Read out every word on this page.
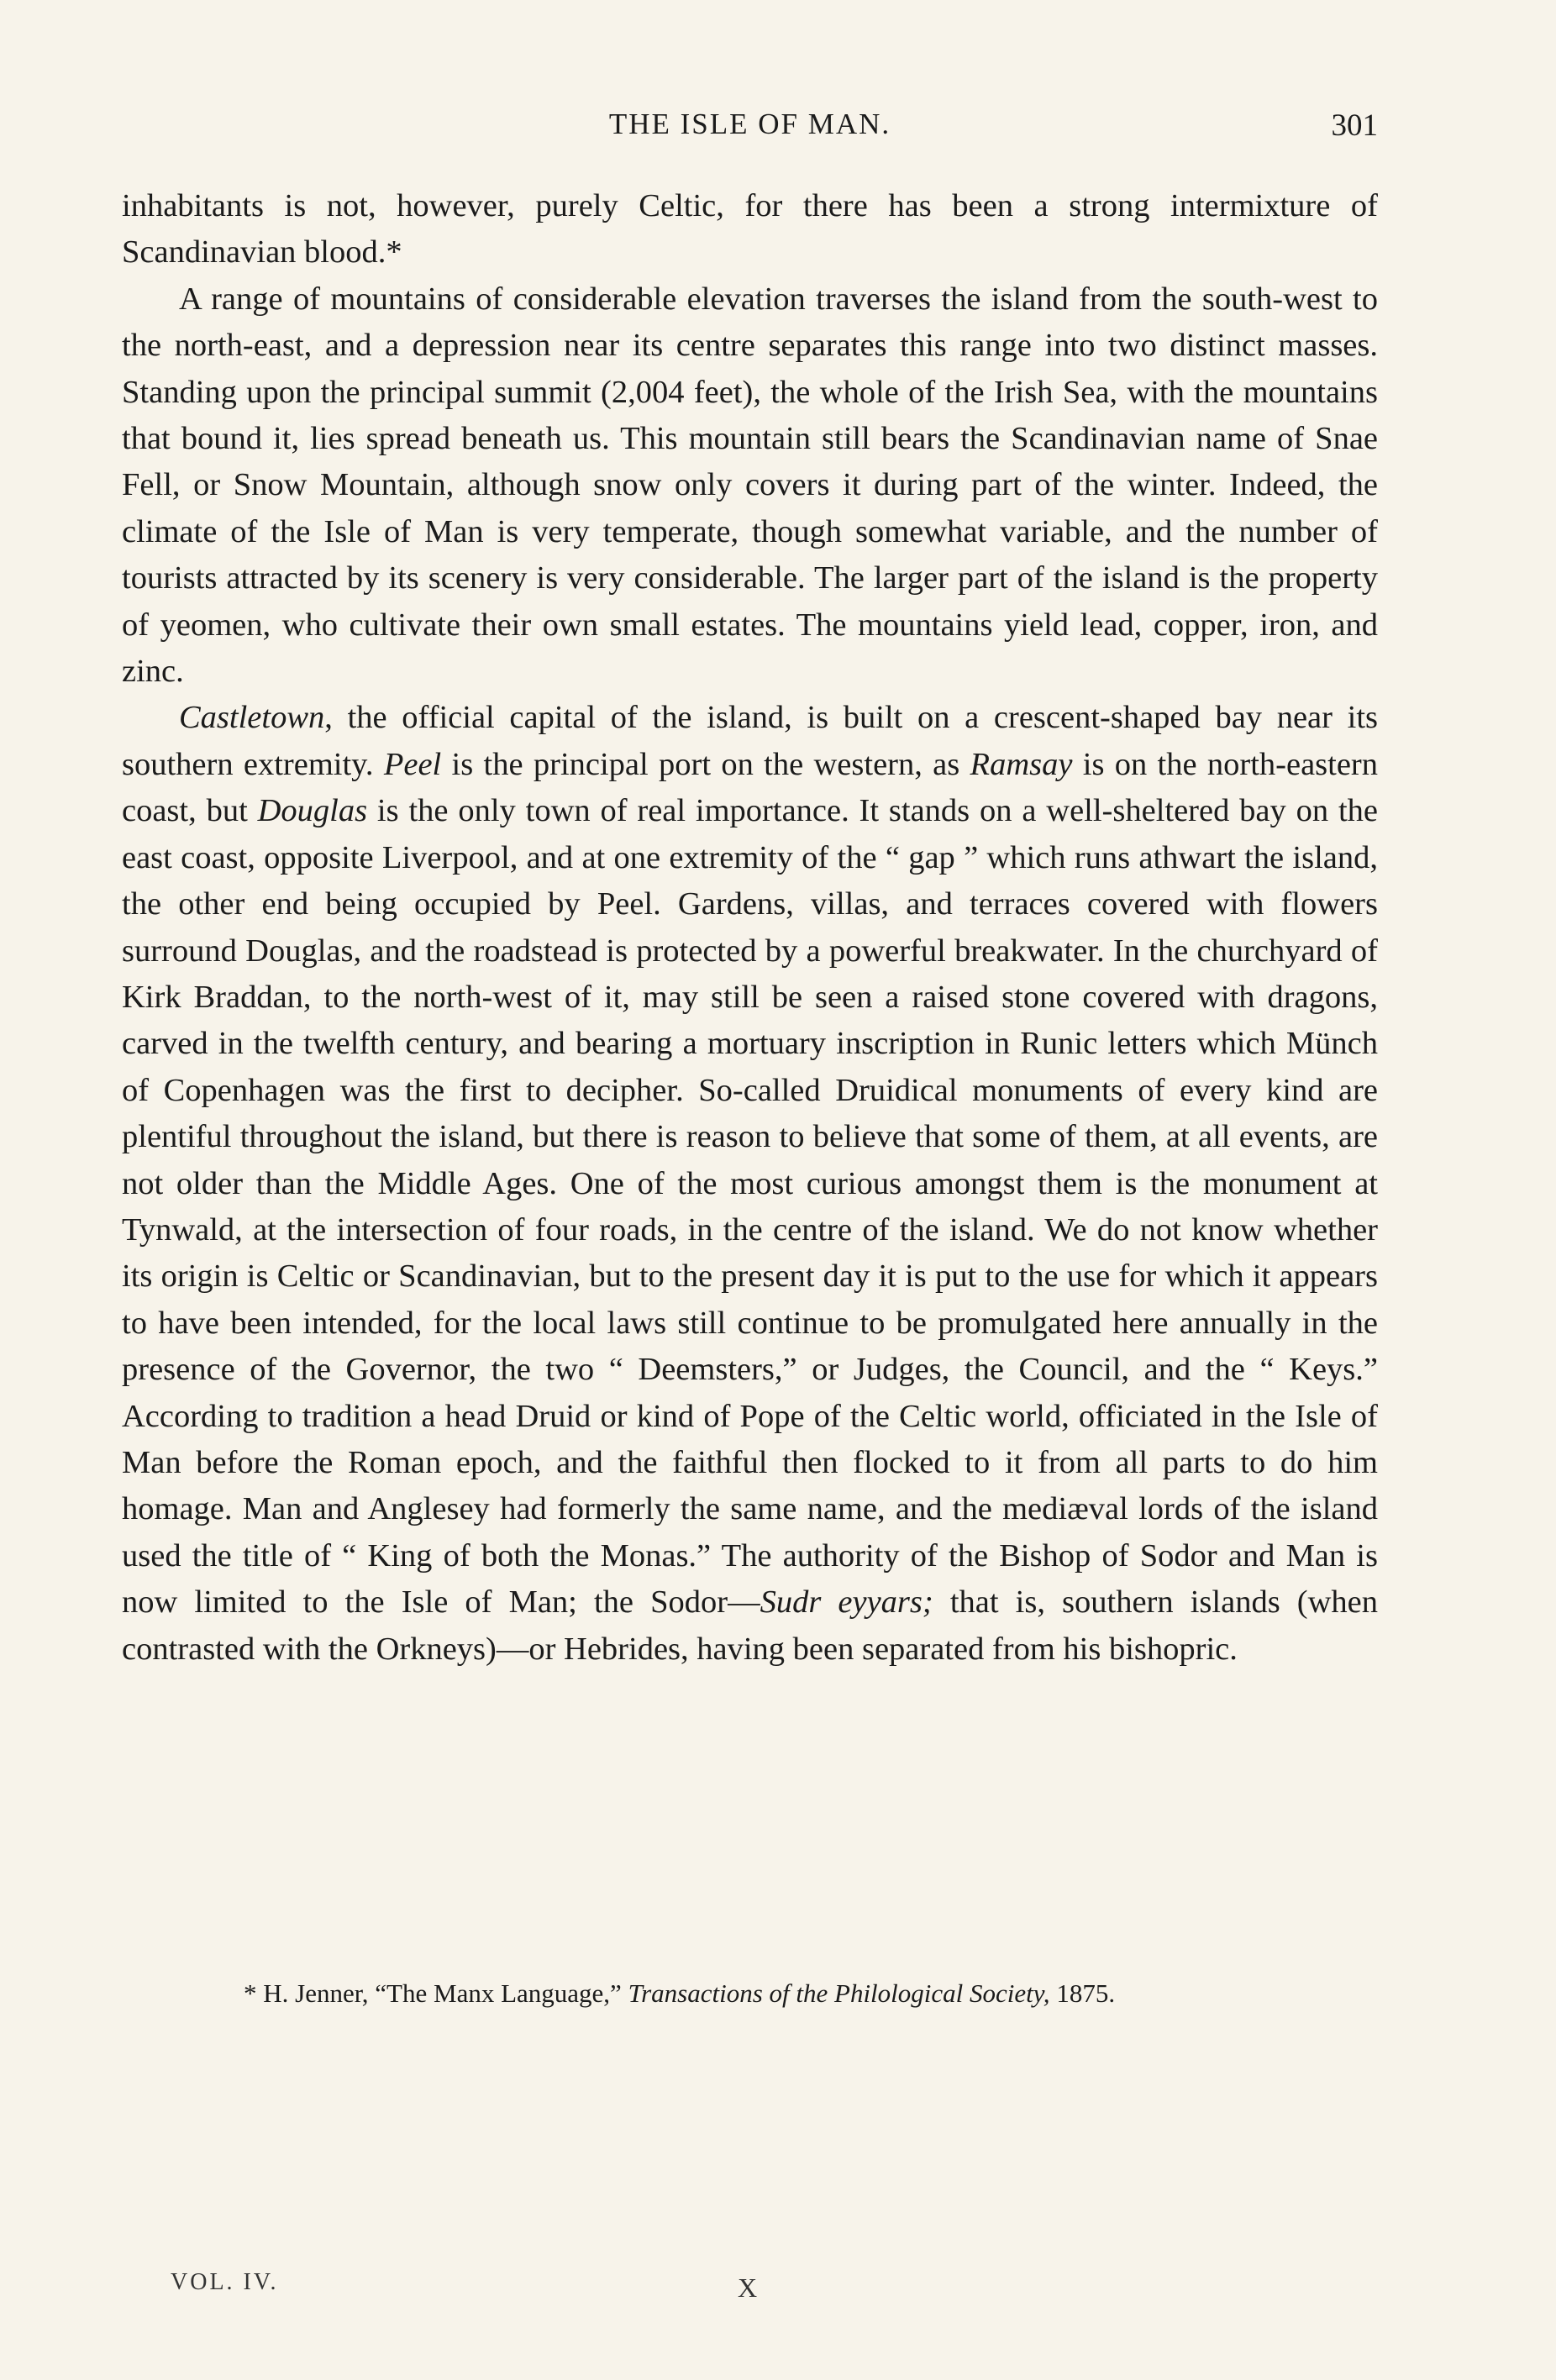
THE ISLE OF MAN.	301

inhabitants is not, however, purely Celtic, for there has been a strong intermixture of Scandinavian blood.*

A range of mountains of considerable elevation traverses the island from the south-west to the north-east, and a depression near its centre separates this range into two distinct masses. Standing upon the principal summit (2,004 feet), the whole of the Irish Sea, with the mountains that bound it, lies spread beneath us. This mountain still bears the Scandinavian name of Snae Fell, or Snow Mountain, although snow only covers it during part of the winter. Indeed, the climate of the Isle of Man is very temperate, though somewhat variable, and the number of tourists attracted by its scenery is very considerable. The larger part of the island is the property of yeomen, who cultivate their own small estates. The mountains yield lead, copper, iron, and zinc.

Castletown, the official capital of the island, is built on a crescent-shaped bay near its southern extremity. Peel is the principal port on the western, as Ramsay is on the north-eastern coast, but Douglas is the only town of real importance. It stands on a well-sheltered bay on the east coast, opposite Liverpool, and at one extremity of the “ gap ” which runs athwart the island, the other end being occupied by Peel. Gardens, villas, and terraces covered with flowers surround Douglas, and the roadstead is protected by a powerful breakwater. In the churchyard of Kirk Braddan, to the north-west of it, may still be seen a raised stone covered with dragons, carved in the twelfth century, and bearing a mortuary inscription in Runic letters which Münch of Copenhagen was the first to decipher. So-called Druidical monuments of every kind are plentiful throughout the island, but there is reason to believe that some of them, at all events, are not older than the Middle Ages. One of the most curious amongst them is the monument at Tynwald, at the intersection of four roads, in the centre of the island. We do not know whether its origin is Celtic or Scandinavian, but to the present day it is put to the use for which it appears to have been intended, for the local laws still continue to be promulgated here annually in the presence of the Governor, the two “ Deemsters,” or Judges, the Council, and the “ Keys.” According to tradition a head Druid or kind of Pope of the Celtic world, officiated in the Isle of Man before the Roman epoch, and the faithful then flocked to it from all parts to do him homage. Man and Anglesey had formerly the same name, and the mediæval lords of the island used the title of “ King of both the Monas.” The authority of the Bishop of Sodor and Man is now limited to the Isle of Man; the Sodor—Sudr eyyars; that is, southern islands (when contrasted with the Orkneys)—or Hebrides, having been separated from his bishopric.

* H. Jenner, “The Manx Language,” Transactions of the Philological Society, 1875.
VOL. IV.	X
